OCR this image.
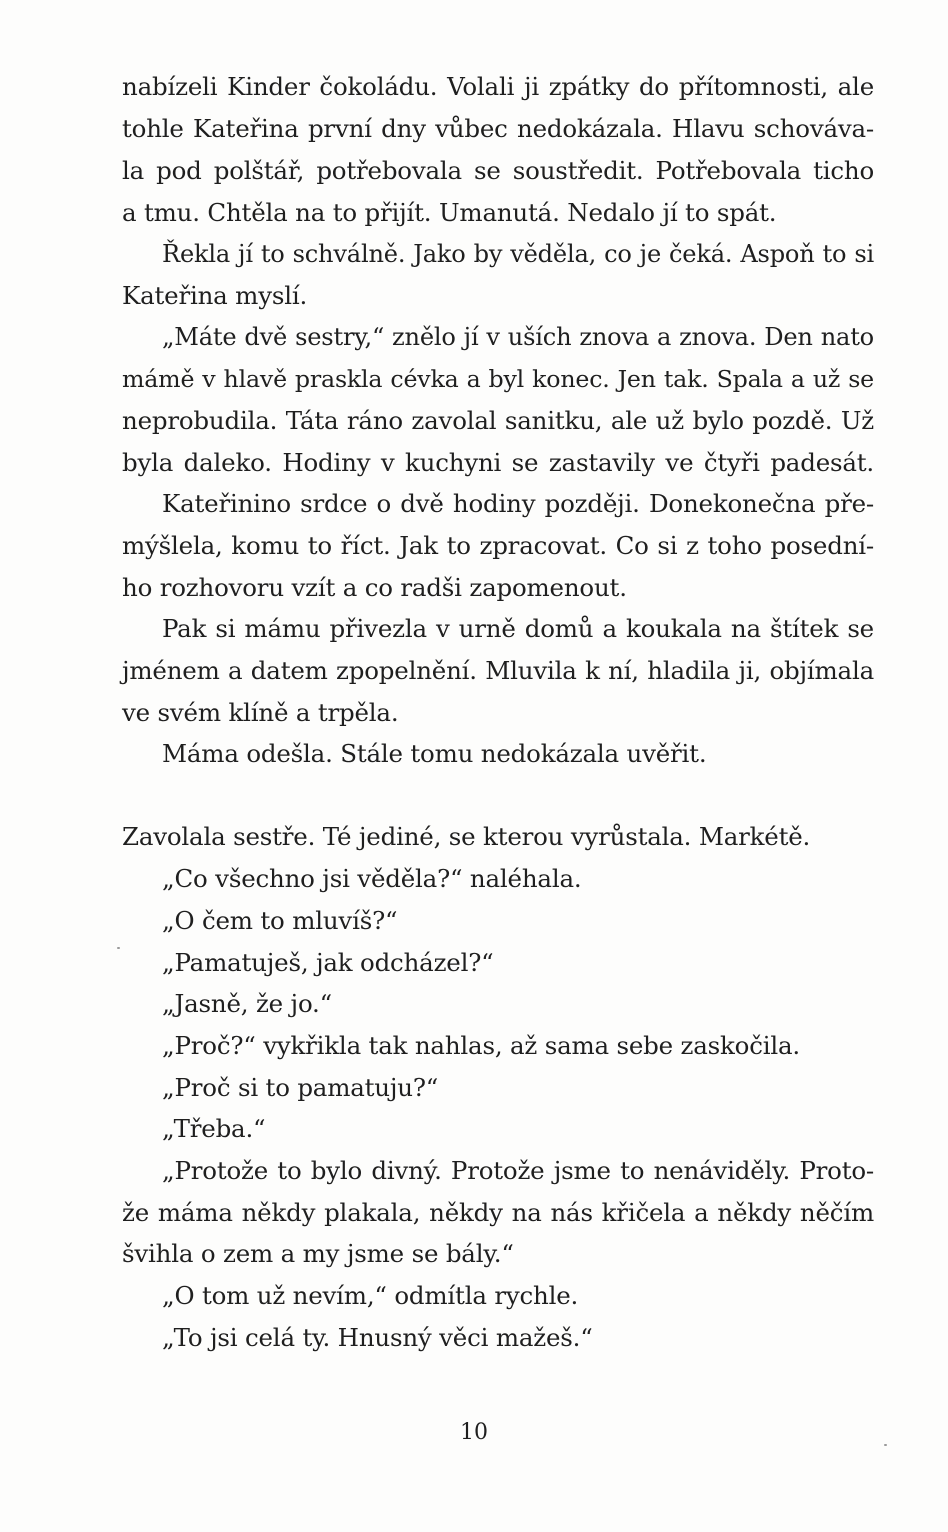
nabízeli Kinder čokoládu. Volali ji zpátky do přítomnosti, ale
tohle Kateřina první dny vůbec nedokázala. Hlavu schováva-
la pod polštář, potřebovala se soustředit. Potřebovala ticho
a tmu. Chtěla na to přijít. Umanutá. Nedalo jí to spát.
Řekla jí to schválně. Jako by věděla, co je čeká. Aspoň to si
Kateřina myslí.
„Máte dvě sestry,“ znělo jí v uších znova a znova. Den nato
mámě v hlavě praskla cévka a byl konec. Jen tak. Spala a už se
neprobudila. Táta ráno zavolal sanitku, ale už bylo pozdě. Už
byla daleko. Hodiny v kuchyni se zastavily ve čtyři padesát.
Kateřinino srdce o dvě hodiny později. Donekonečna pře-
mýšlela, komu to říct. Jak to zpracovat. Co si z toho posední-
ho rozhovoru vzít a co radši zapomenout.
Pak si mámu přivezla v urně domů a koukala na štítek se
jménem a datem zpopelnění. Mluvila k ní, hladila ji, objímala
ve svém klíně a trpěla.
Máma odešla. Stále tomu nedokázala uvěřit.
Zavolala sestře. Té jediné, se kterou vyrůstala. Markétě.
„Co všechno jsi věděla?“ naléhala.
„O čem to mluvíš?“
„Pamatuješ, jak odcházel?“
„Jasně, že jo.“
„Proč?“ vykřikla tak nahlas, až sama sebe zaskočila.
„Proč si to pamatuju?“
„Třeba.“
„Protože to bylo divný. Protože jsme to nenáviděly. Proto-
že máma někdy plakala, někdy na nás křičela a někdy něčím
švihla o zem a my jsme se bály.“
„O tom už nevím,“ odmítla rychle.
„To jsi celá ty. Hnusný věci mažeš.“
10
